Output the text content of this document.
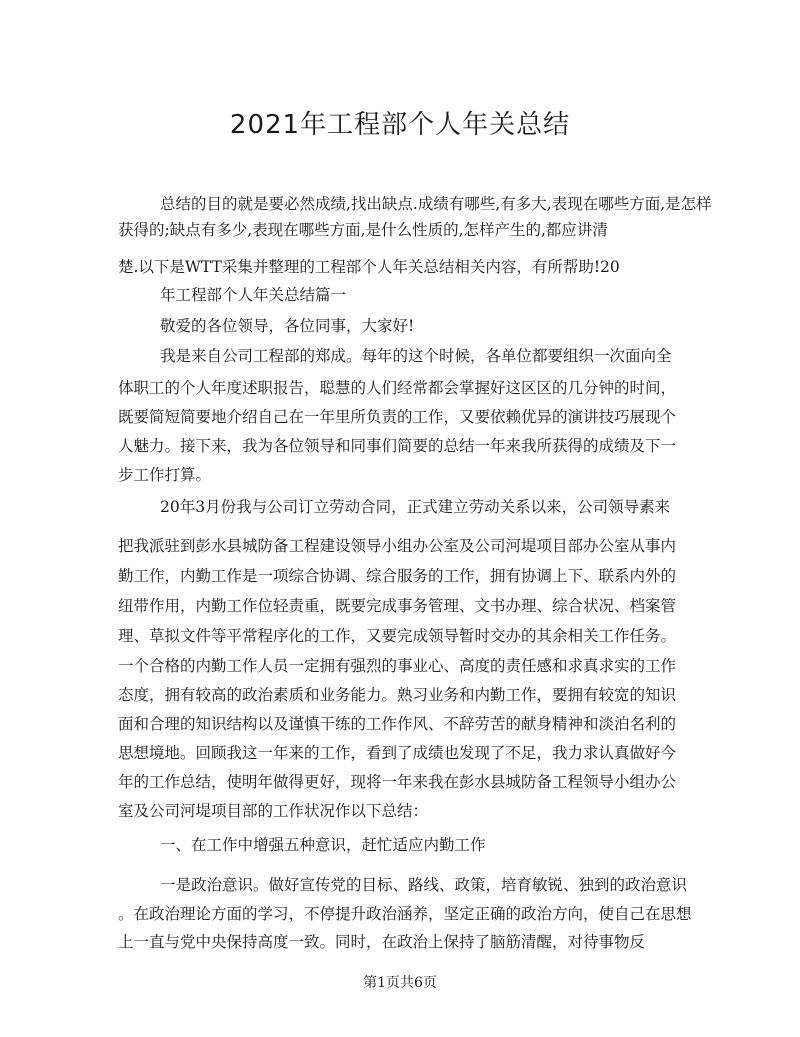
2021年工程部个人年关总结
总结的目的就是要必然成绩,找出缺点.成绩有哪些,有多大,表现在哪些方面,是怎样
获得的;缺点有多少,表现在哪些方面,是什么性质的,怎样产生的,都应讲清
楚.以下是WTT采集并整理的工程部个人年关总结相关内容，有所帮助!20
年工程部个人年关总结篇一
敬爱的各位领导，各位同事，大家好!
我是来自公司工程部的郑成。每年的这个时候，各单位都要组织一次面向全
体职工的个人年度述职报告，聪慧的人们经常都会掌握好这区区的几分钟的时间，
既要简短简要地介绍自己在一年里所负责的工作，又要依赖优异的演讲技巧展现个
人魅力。接下来，我为各位领导和同事们简要的总结一年来我所获得的成绩及下一
步工作打算。
20年3月份我与公司订立劳动合同，正式建立劳动关系以来，公司领导素来
把我派驻到彭水县城防备工程建设领导小组办公室及公司河堤项目部办公室从事内
勤工作，内勤工作是一项综合协调、综合服务的工作，拥有协调上下、联系内外的
纽带作用，内勤工作位轻责重，既要完成事务管理、文书办理、综合状况、档案管
理、草拟文件等平常程序化的工作，又要完成领导暂时交办的其余相关工作任务。
一个合格的内勤工作人员一定拥有强烈的事业心、高度的责任感和求真求实的工作
态度，拥有较高的政治素质和业务能力。熟习业务和内勤工作，要拥有较宽的知识
面和合理的知识结构以及谨慎干练的工作作风、不辞劳苦的献身精神和淡泊名利的
思想境地。回顾我这一年来的工作，看到了成绩也发现了不足，我力求认真做好今
年的工作总结，使明年做得更好，现将一年来我在彭水县城防备工程领导小组办公
室及公司河堤项目部的工作状况作以下总结：
一、在工作中增强五种意识，赶忙适应内勤工作
一是政治意识。做好宣传党的目标、路线、政策，培育敏锐、独到的政治意识
。在政治理论方面的学习，不停提升政治涵养，坚定正确的政治方向，使自己在思想
上一直与党中央保持高度一致。同时，在政治上保持了脑筋清醒，对待事物反
第1页共6页
